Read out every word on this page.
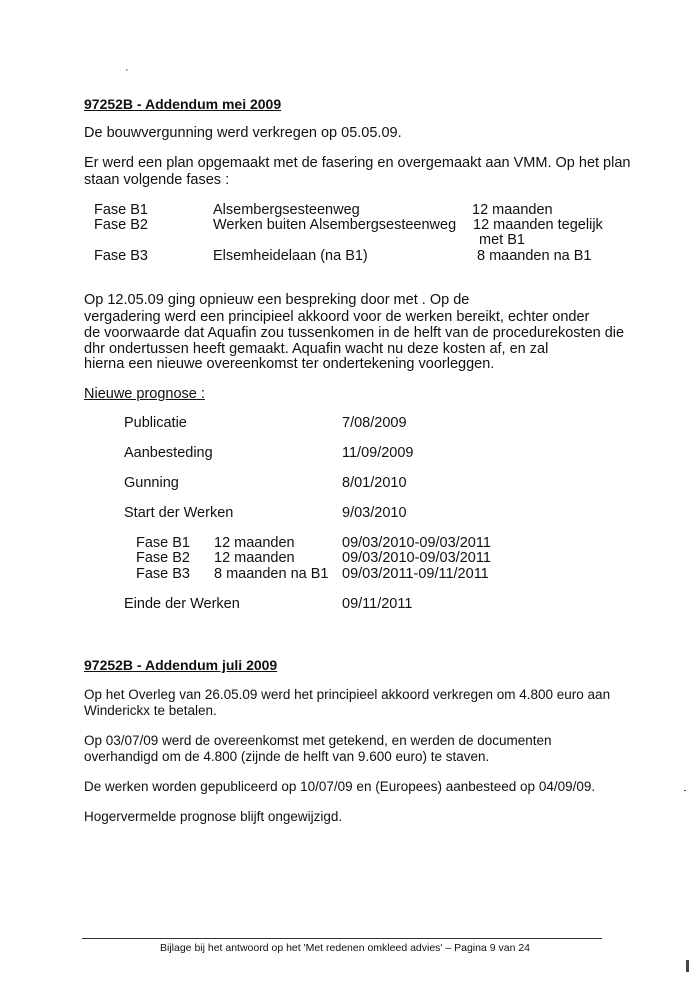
·
97252B - Addendum mei 2009
De bouwvergunning werd verkregen op 05.05.09.
Er werd een plan opgemaakt met de fasering en overgemaakt aan VMM. Op het plan
staan volgende fases :
Fase B1	Alsembergsesteenweg	12 maanden
Fase B2	Werken buiten Alsembergsesteenweg 12 maanden tegelijk
met B1
Fase B3	Elsemheidelaan (na B1)	8 maanden na B1
Op 12.05.09 ging opnieuw een bespreking door met . Op de
vergadering werd een principieel akkoord voor de werken bereikt, echter onder
de voorwaarde dat Aquafin zou tussenkomen in de helft van de procedurekosten die
dhr ondertussen heeft gemaakt. Aquafin wacht nu deze kosten af, en zal
hierna een nieuwe overeenkomst ter ondertekening voorleggen.
Nieuwe prognose :
Publicatie	7/08/2009
Aanbesteding	11/09/2009
Gunning	8/01/2010
Start der Werken	9/03/2010
Fase B1 12 maanden	09/03/2010-09/03/2011
Fase B2 12 maanden	09/03/2010-09/03/2011
Fase B3 8 maanden na B1 09/03/2011-09/11/2011
Einde der Werken	09/11/2011
97252B - Addendum juli 2009
Op het Overleg van 26.05.09 werd het principieel akkoord verkregen om 4.800 euro aan
Winderickx te betalen.
Op 03/07/09 werd de overeenkomst met getekend, en werden de documenten
overhandigd om de 4.800 (zijnde de helft van 9.600 euro) te staven.
De werken worden gepubliceerd op 10/07/09 en (Europees) aanbesteed op 04/09/09.
Hogervermelde prognose blijft ongewijzigd.
Bijlage bij het antwoord op het 'Met redenen omkleed advies' – Pagina 9 van 24
